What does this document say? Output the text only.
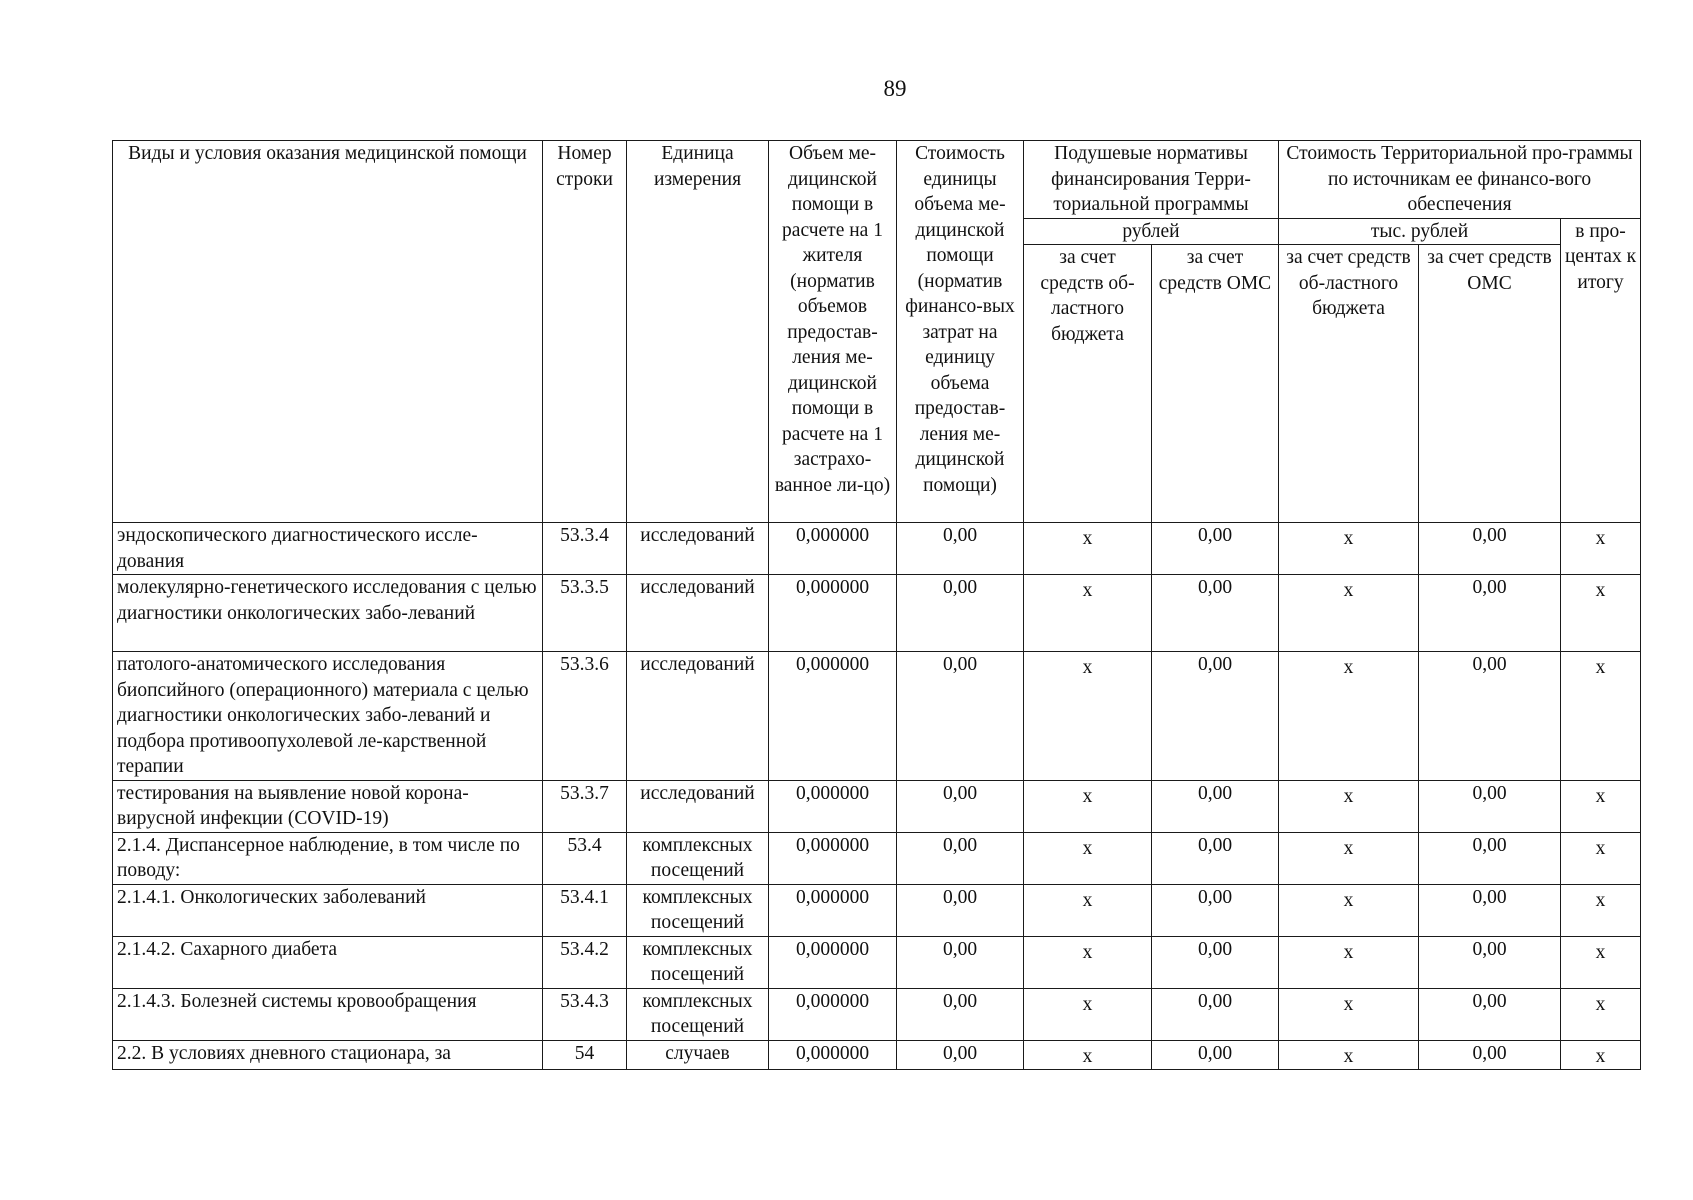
89
Виды и условия оказания медицинской помощи	Номер строки	Единица измерения	Объем ме-дицинской помощи в расчете на 1 жителя (норматив объемов предостав-ления ме-дицинской помощи в расчете на 1 застрахо-ванное ли-цо)	Стоимость единицы объема ме-дицинской помощи (норматив финансо-вых затрат на единицу объема предостав-ления ме-дицинской помощи)	Подушевые нормативы финансирования Терри-ториальной программы		Стоимость Территориальной про-граммы по источникам ее финансо-вого обеспечения		
					рублей		тыс. рублей		в про-центах к итогу
					за счет средств об-ластного бюджета	за счет средств ОМС	за счет средств об-ластного бюджета	за счет средств ОМС	
эндоскопического диагностического иссле-дования	53.3.4	исследований	0,000000	0,00	x	0,00	x	0,00	x
молекулярно-генетического исследования с целью диагностики онкологических забо-леваний	53.3.5	исследований	0,000000	0,00	x	0,00	x	0,00	x
патолого-анатомического исследования биопсийного (операционного) материала с целью диагностики онкологических забо-леваний и подбора противоопухолевой ле-карственной терапии	53.3.6	исследований	0,000000	0,00	x	0,00	x	0,00	x
тестирования на выявление новой корона-вирусной инфекции (COVID-19)	53.3.7	исследований	0,000000	0,00	x	0,00	x	0,00	x
2.1.4. Диспансерное наблюдение, в том числе по поводу:	53.4	комплексных посещений	0,000000	0,00	x	0,00	x	0,00	x
2.1.4.1. Онкологических заболеваний	53.4.1	комплексных посещений	0,000000	0,00	x	0,00	x	0,00	x
2.1.4.2. Сахарного диабета	53.4.2	комплексных посещений	0,000000	0,00	x	0,00	x	0,00	x
2.1.4.3. Болезней системы кровообращения	53.4.3	комплексных посещений	0,000000	0,00	x	0,00	x	0,00	x
2.2. В условиях дневного стационара, за	54	случаев	0,000000	0,00	x	0,00	x	0,00	x
